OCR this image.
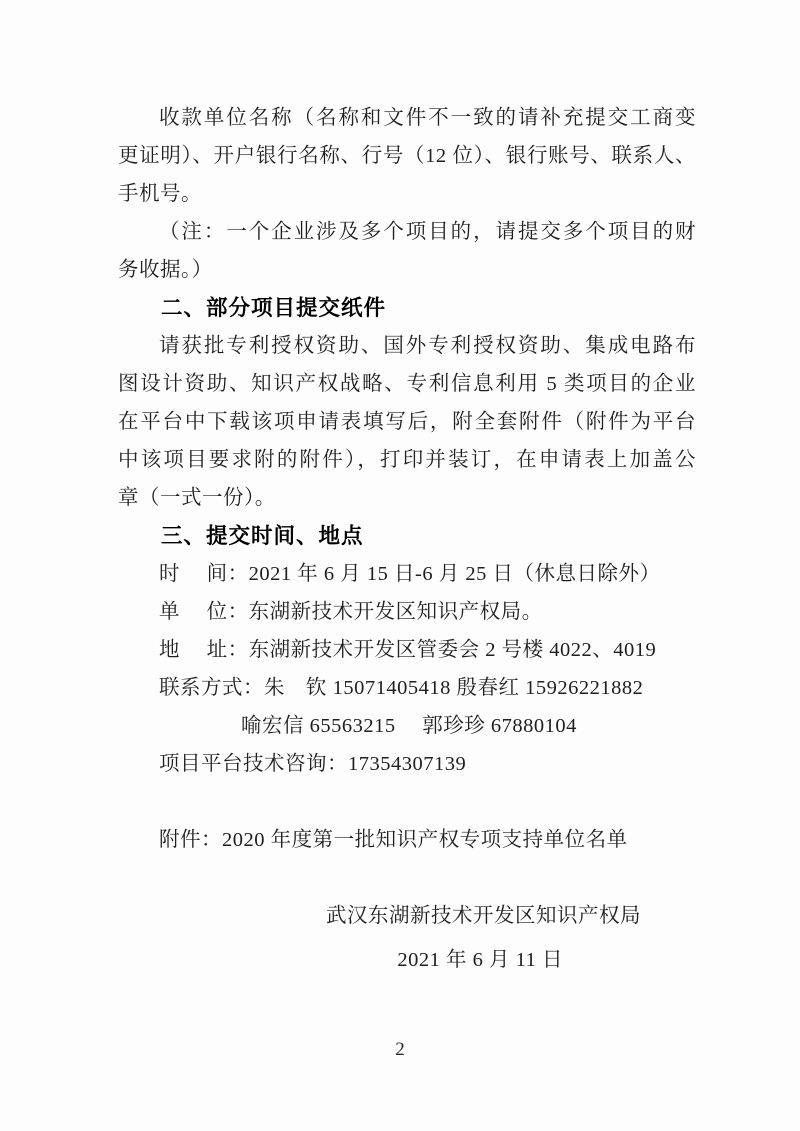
收款单位名称（名称和文件不一致的请补充提交工商变
更证明）、开户银行名称、行号（12 位）、银行账号、联系人、
手机号。
（注：一个企业涉及多个项目的，请提交多个项目的财
务收据。）
二、部分项目提交纸件
请获批专利授权资助、国外专利授权资助、集成电路布
图设计资助、知识产权战略、专利信息利用 5 类项目的企业
在平台中下载该项申请表填写后，附全套附件（附件为平台
中该项目要求附的附件），打印并装订，在申请表上加盖公
章（一式一份）。
三、提交时间、地点
时　 间：2021 年 6 月 15 日-6 月 25 日（休息日除外）
单　 位：东湖新技术开发区知识产权局。
地　 址：东湖新技术开发区管委会 2 号楼 4022、4019
联系方式：朱　钦 15071405418 殷春红 15926221882
喻宏信 65563215　 郭珍珍 67880104
项目平台技术咨询：17354307139
附件：2020 年度第一批知识产权专项支持单位名单
武汉东湖新技术开发区知识产权局
2021 年 6 月 11 日
2
